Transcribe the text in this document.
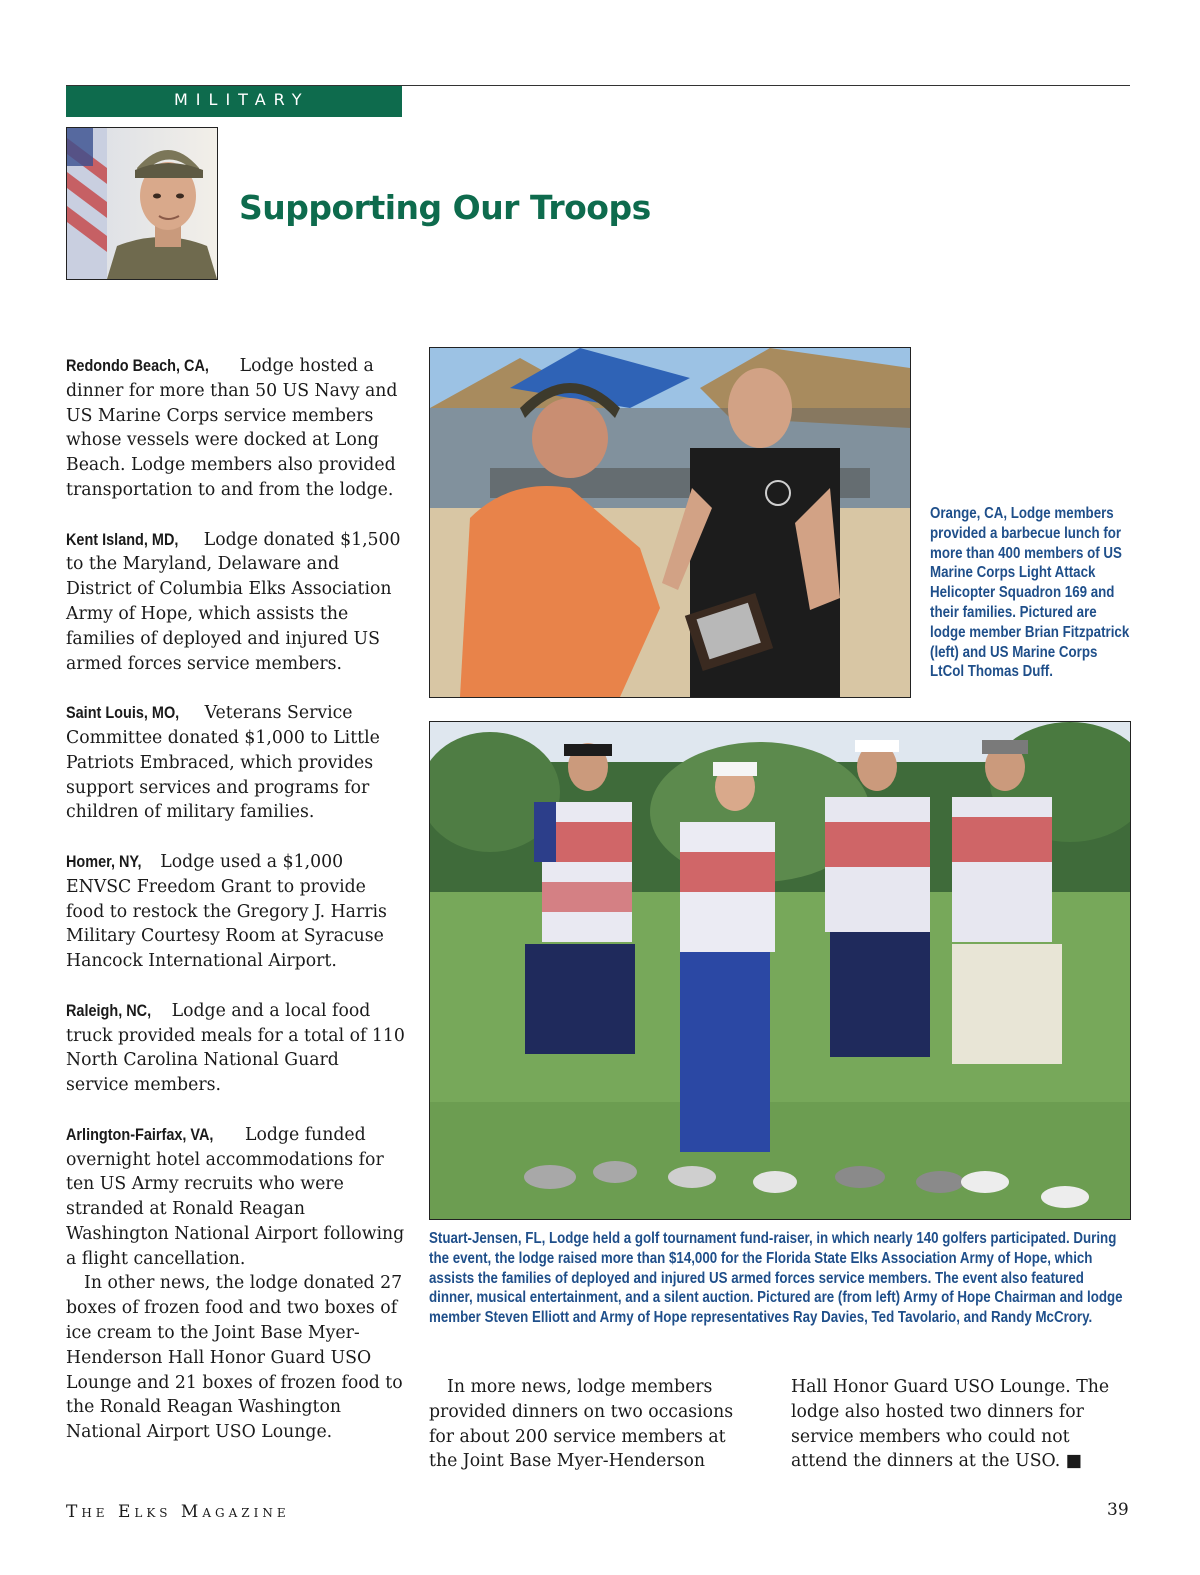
MILITARY
Supporting Our Troops

Redondo Beach, CA, Lodge hosted a dinner for more than 50 US Navy and US Marine Corps service members whose vessels were docked at Long Beach. Lodge members also provided transportation to and from the lodge.

Kent Island, MD, Lodge donated $1,500 to the Maryland, Delaware and District of Columbia Elks Association Army of Hope, which assists the families of deployed and injured US armed forces service members.

Saint Louis, MO, Veterans Service Committee donated $1,000 to Little Patriots Embraced, which provides support services and programs for children of military families.

Homer, NY, Lodge used a $1,000 ENVSC Freedom Grant to provide food to restock the Gregory J. Harris Military Courtesy Room at Syracuse Hancock International Airport.

Raleigh, NC, Lodge and a local food truck provided meals for a total of 110 North Carolina National Guard service members.

Arlington-Fairfax, VA, Lodge funded overnight hotel accommodations for ten US Army recruits who were stranded at Ronald Reagan Washington National Airport following a flight cancellation.

In other news, the lodge donated 27 boxes of frozen food and two boxes of ice cream to the Joint Base Myer-Henderson Hall Honor Guard USO Lounge and 21 boxes of frozen food to the Ronald Reagan Washington National Airport USO Lounge.

Orange, CA, Lodge members provided a barbecue lunch for more than 400 members of US Marine Corps Light Attack Helicopter Squadron 169 and their families. Pictured are lodge member Brian Fitzpatrick (left) and US Marine Corps LtCol Thomas Duff.
Stuart-Jensen, FL, Lodge held a golf tournament fund-raiser, in which nearly 140 golfers participated. During the event, the lodge raised more than $14,000 for the Florida State Elks Association Army of Hope, which assists the families of deployed and injured US armed forces service members. The event also featured dinner, musical entertainment, and a silent auction. Pictured are (from left) Army of Hope Chairman and lodge member Steven Elliott and Army of Hope representatives Ray Davies, Ted Tavolario, and Randy McCrory.

In more news, lodge members provided dinners on two occasions for about 200 service members at the Joint Base Myer-Henderson

Hall Honor Guard USO Lounge. The lodge also hosted two dinners for service members who could not attend the dinners at the USO. ■

The Elks Magazine	39
